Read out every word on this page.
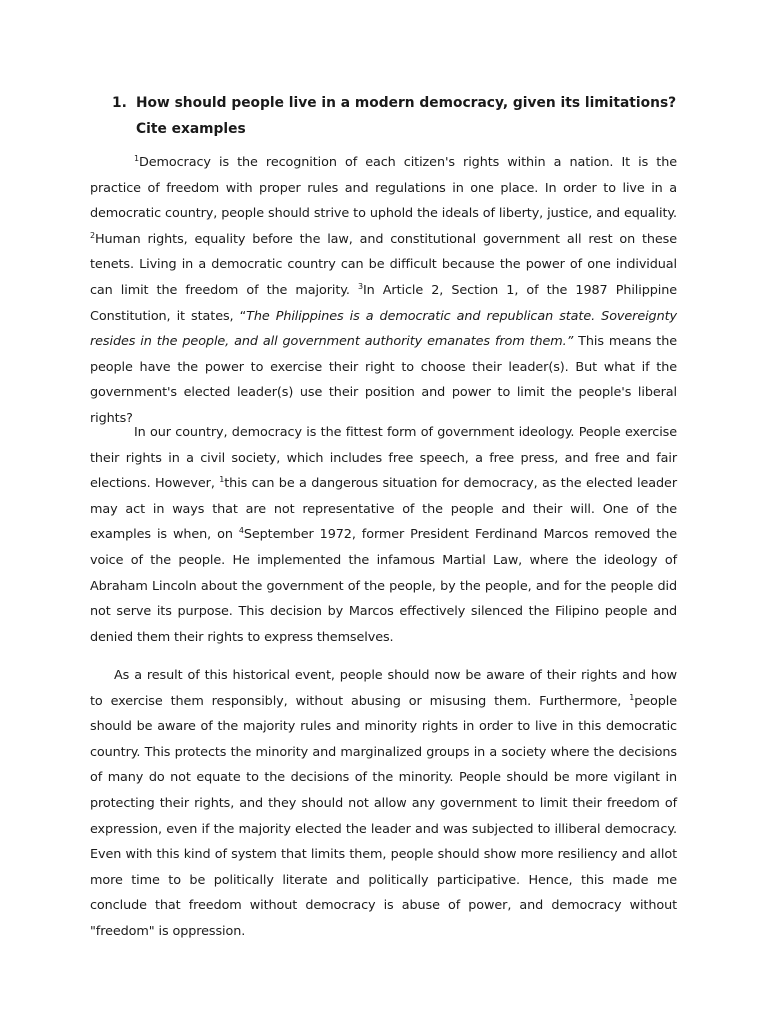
1. How should people live in a modern democracy, given its limitations? Cite examples

$^1$Democracy is the recognition of each citizen's rights within a nation. It is the practice of freedom with proper rules and regulations in one place. In order to live in a democratic country, people should strive to uphold the ideals of liberty, justice, and equality. $^2$Human rights, equality before the law, and constitutional government all rest on these tenets. Living in a democratic country can be difficult because the power of one individual can limit the freedom of the majority. $^3$In Article 2, Section 1, of the 1987 Philippine Constitution, it states, “The Philippines is a democratic and republican state. Sovereignty resides in the people, and all government authority emanates from them.” This means the people have the power to exercise their right to choose their leader(s). But what if the government's elected leader(s) use their position and power to limit the people's liberal rights?

In our country, democracy is the fittest form of government ideology. People exercise their rights in a civil society, which includes free speech, a free press, and free and fair elections. However, $^1$this can be a dangerous situation for democracy, as the elected leader may act in ways that are not representative of the people and their will. One of the examples is when, on $^4$September 1972, former President Ferdinand Marcos removed the voice of the people. He implemented the infamous Martial Law, where the ideology of Abraham Lincoln about the government of the people, by the people, and for the people did not serve its purpose. This decision by Marcos effectively silenced the Filipino people and denied them their rights to express themselves.

As a result of this historical event, people should now be aware of their rights and how to exercise them responsibly, without abusing or misusing them. Furthermore, $^1$people should be aware of the majority rules and minority rights in order to live in this democratic country. This protects the minority and marginalized groups in a society where the decisions of many do not equate to the decisions of the minority. People should be more vigilant in protecting their rights, and they should not allow any government to limit their freedom of expression, even if the majority elected the leader and was subjected to illiberal democracy. Even with this kind of system that limits them, people should show more resiliency and allot more time to be politically literate and politically participative. Hence, this made me conclude that freedom without democracy is abuse of power, and democracy without "freedom" is oppression.
